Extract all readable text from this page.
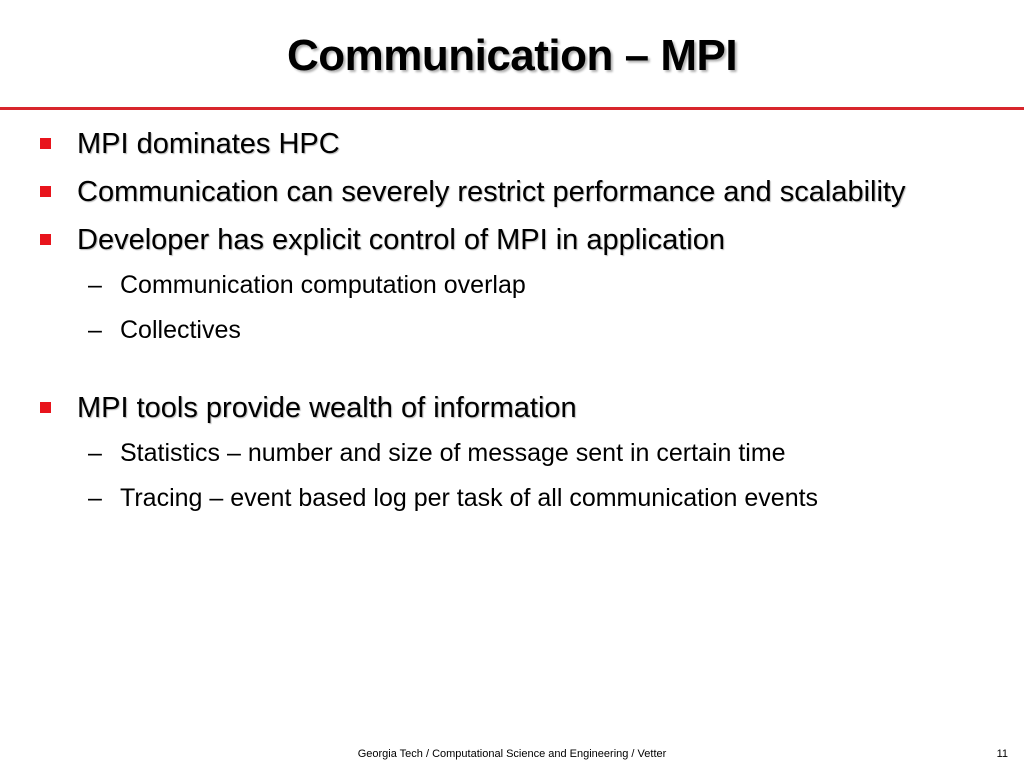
Communication – MPI
MPI dominates HPC
Communication can severely restrict performance and scalability
Developer has explicit control of MPI in application
– Communication computation overlap
– Collectives
MPI tools provide wealth of information
– Statistics – number and size of message sent in certain time
– Tracing – event based log per task of all communication events
Georgia Tech / Computational Science and Engineering / Vetter	11
